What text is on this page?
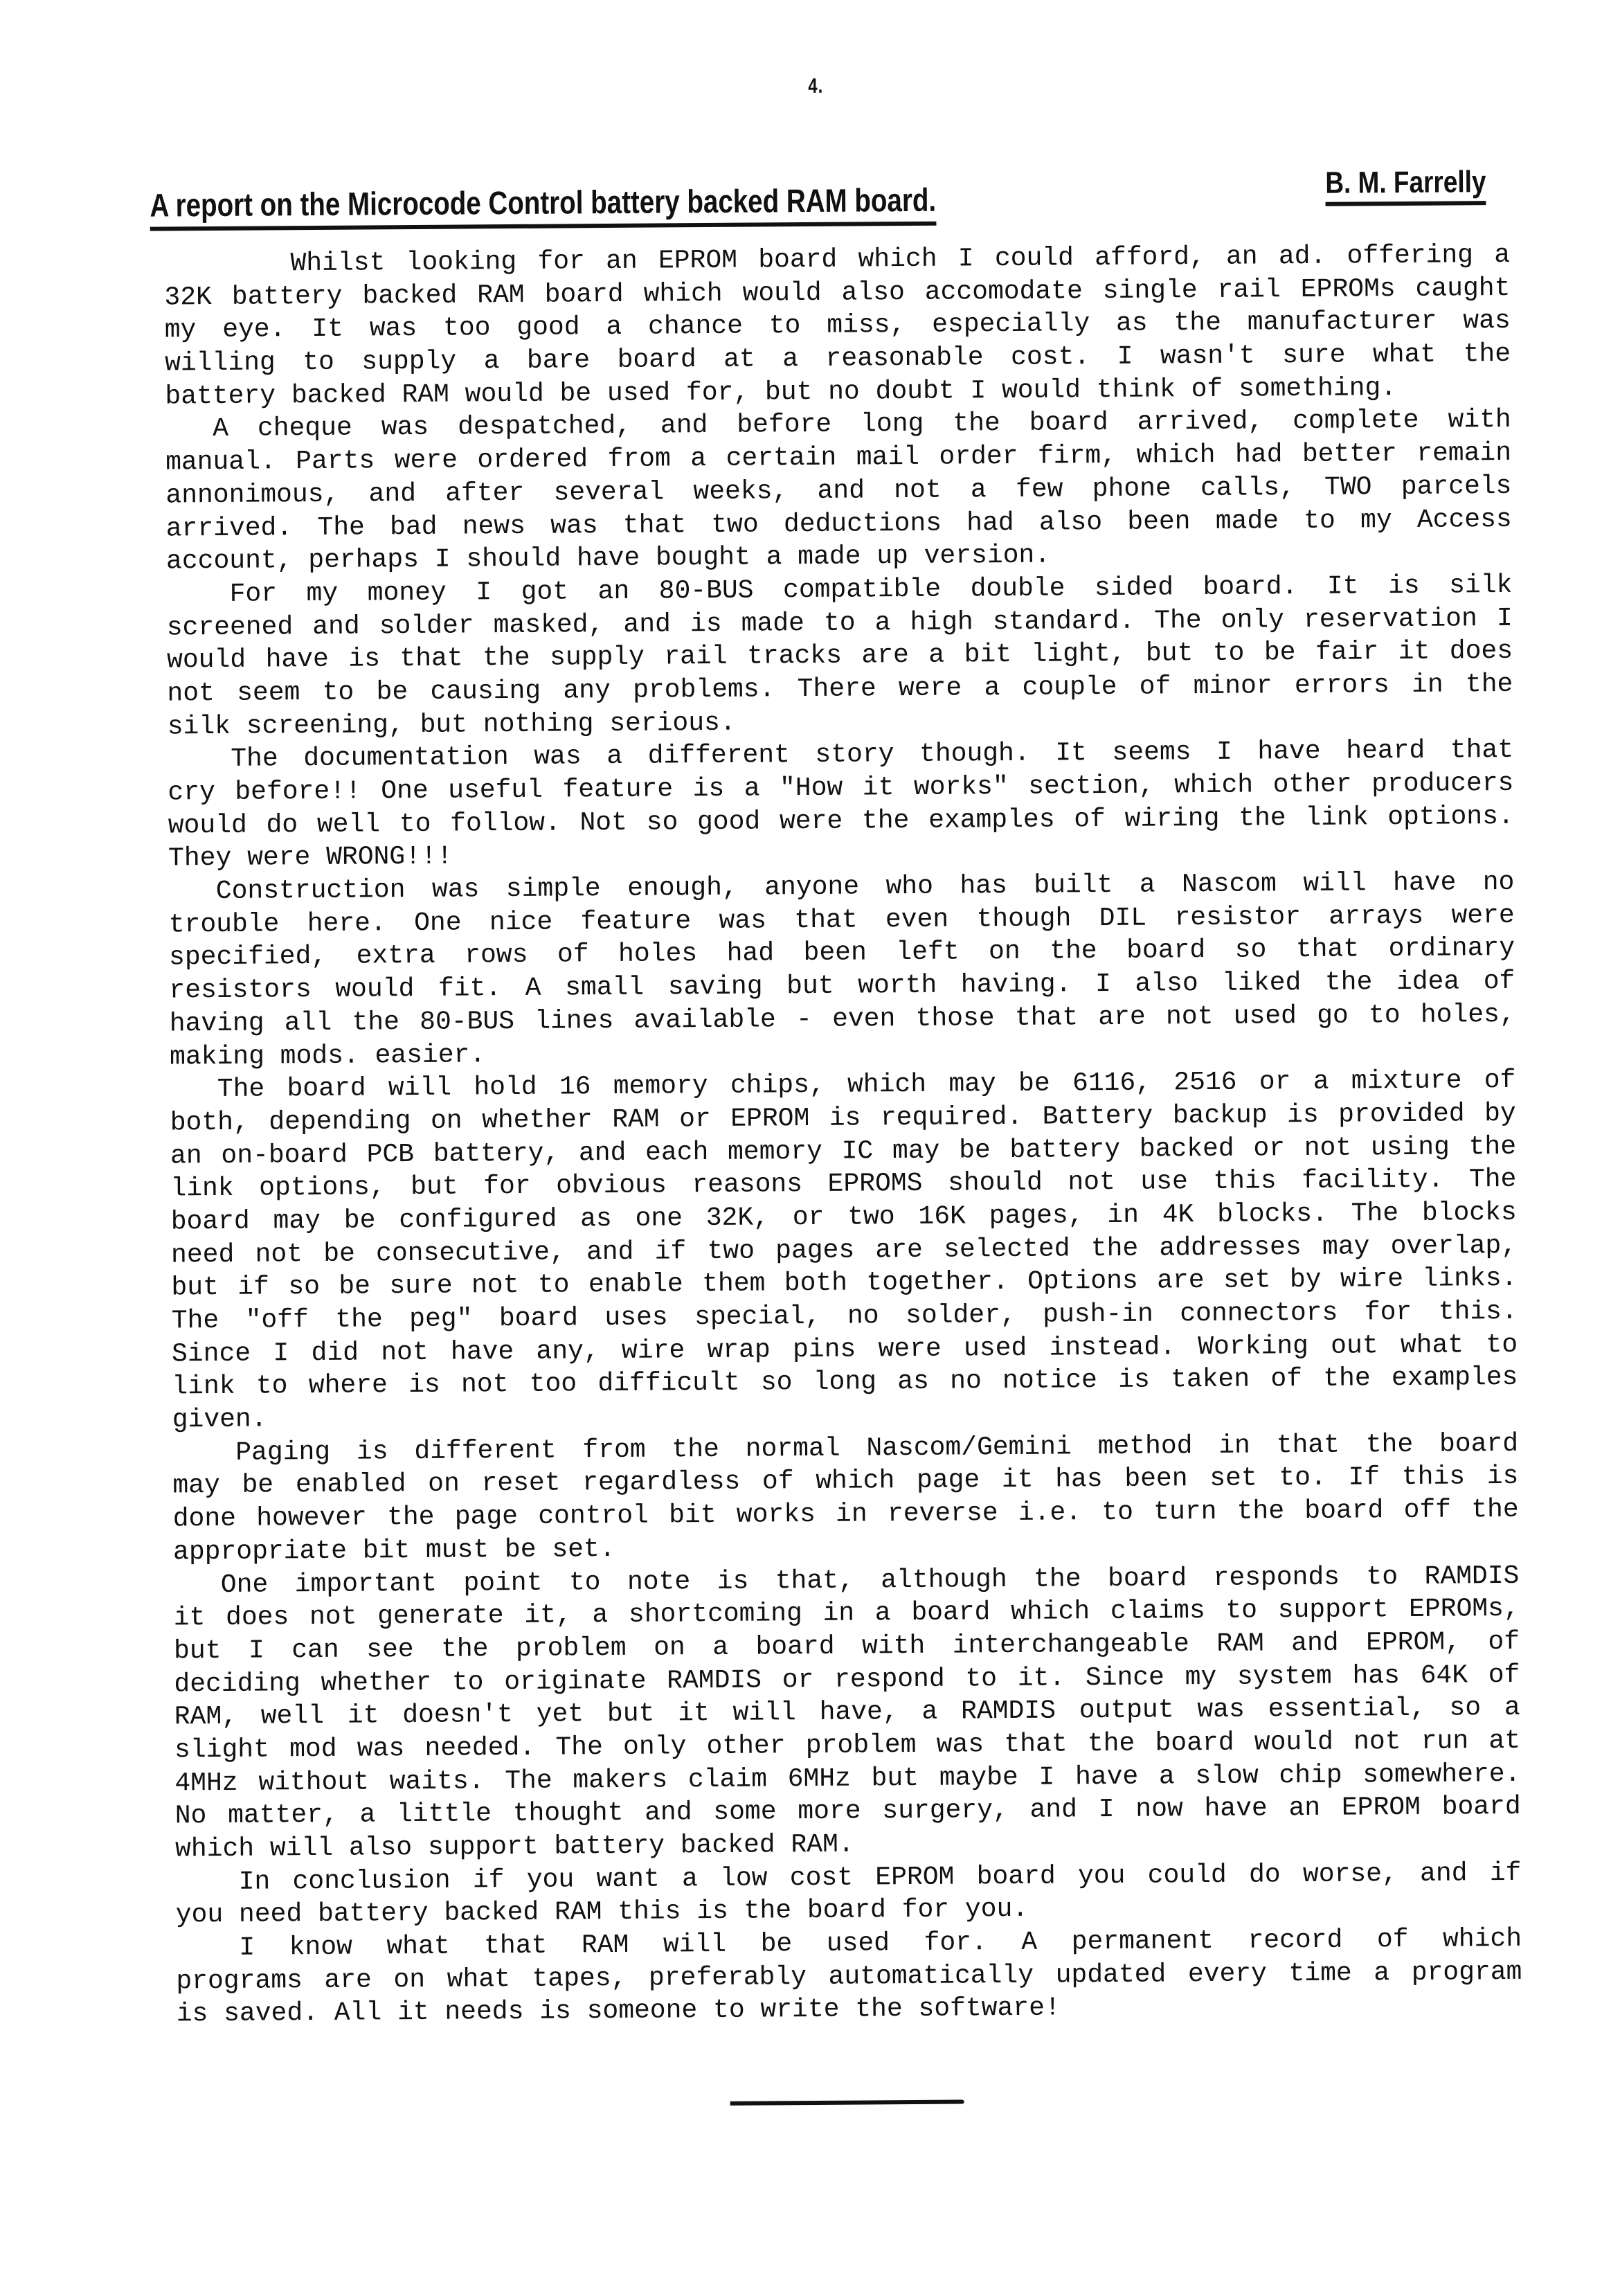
4.
A report on the Microcode Control battery backed RAM board.	B. M. Farrelly
Whilst looking for an EPROM board which I could afford, an ad. offering a
32K battery backed RAM board which would also accomodate single rail EPROMs caught
my eye. It was too good a chance to miss, especially as the manufacturer was
willing to supply a bare board at a reasonable cost. I wasn't sure what the
battery backed RAM would be used for, but no doubt I would think of something.
A cheque was despatched, and before long the board arrived, complete with
manual. Parts were ordered from a certain mail order firm, which had better remain
annonimous, and after several weeks, and not a few phone calls, TWO parcels
arrived. The bad news was that two deductions had also been made to my Access
account, perhaps I should have bought a made up version.
For my money I got an 80-BUS compatible double sided board. It is silk
screened and solder masked, and is made to a high standard. The only reservation I
would have is that the supply rail tracks are a bit light, but to be fair it does
not seem to be causing any problems. There were a couple of minor errors in the
silk screening, but nothing serious.
The documentation was a different story though. It seems I have heard that
cry before!! One useful feature is a "How it works" section, which other producers
would do well to follow. Not so good were the examples of wiring the link options.
They were WRONG!!!
Construction was simple enough, anyone who has built a Nascom will have no
trouble here. One nice feature was that even though DIL resistor arrays were
specified, extra rows of holes had been left on the board so that ordinary
resistors would fit. A small saving but worth having. I also liked the idea of
having all the 80-BUS lines available - even those that are not used go to holes,
making mods. easier.
The board will hold 16 memory chips, which may be 6116, 2516 or a mixture of
both, depending on whether RAM or EPROM is required. Battery backup is provided by
an on-board PCB battery, and each memory IC may be battery backed or not using the
link options, but for obvious reasons EPROMS should not use this facility. The
board may be configured as one 32K, or two 16K pages, in 4K blocks. The blocks
need not be consecutive, and if two pages are selected the addresses may overlap,
but if so be sure not to enable them both together. Options are set by wire links.
The "off the peg" board uses special, no solder, push-in connectors for this.
Since I did not have any, wire wrap pins were used instead. Working out what to
link to where is not too difficult so long as no notice is taken of the examples
given.
Paging is different from the normal Nascom/Gemini method in that the board
may be enabled on reset regardless of which page it has been set to. If this is
done however the page control bit works in reverse i.e. to turn the board off the
appropriate bit must be set.
One important point to note is that, although the board responds to RAMDIS
it does not generate it, a shortcoming in a board which claims to support EPROMs,
but I can see the problem on a board with interchangeable RAM and EPROM, of
deciding whether to originate RAMDIS or respond to it. Since my system has 64K of
RAM, well it doesn't yet but it will have, a RAMDIS output was essential, so a
slight mod was needed. The only other problem was that the board would not run at
4MHz without waits. The makers claim 6MHz but maybe I have a slow chip somewhere.
No matter, a little thought and some more surgery, and I now have an EPROM board
which will also support battery backed RAM.
In conclusion if you want a low cost EPROM board you could do worse, and if
you need battery backed RAM this is the board for you.
I know what that RAM will be used for. A permanent record of which
programs are on what tapes, preferably automatically updated every time a program
is saved. All it needs is someone to write the software!
